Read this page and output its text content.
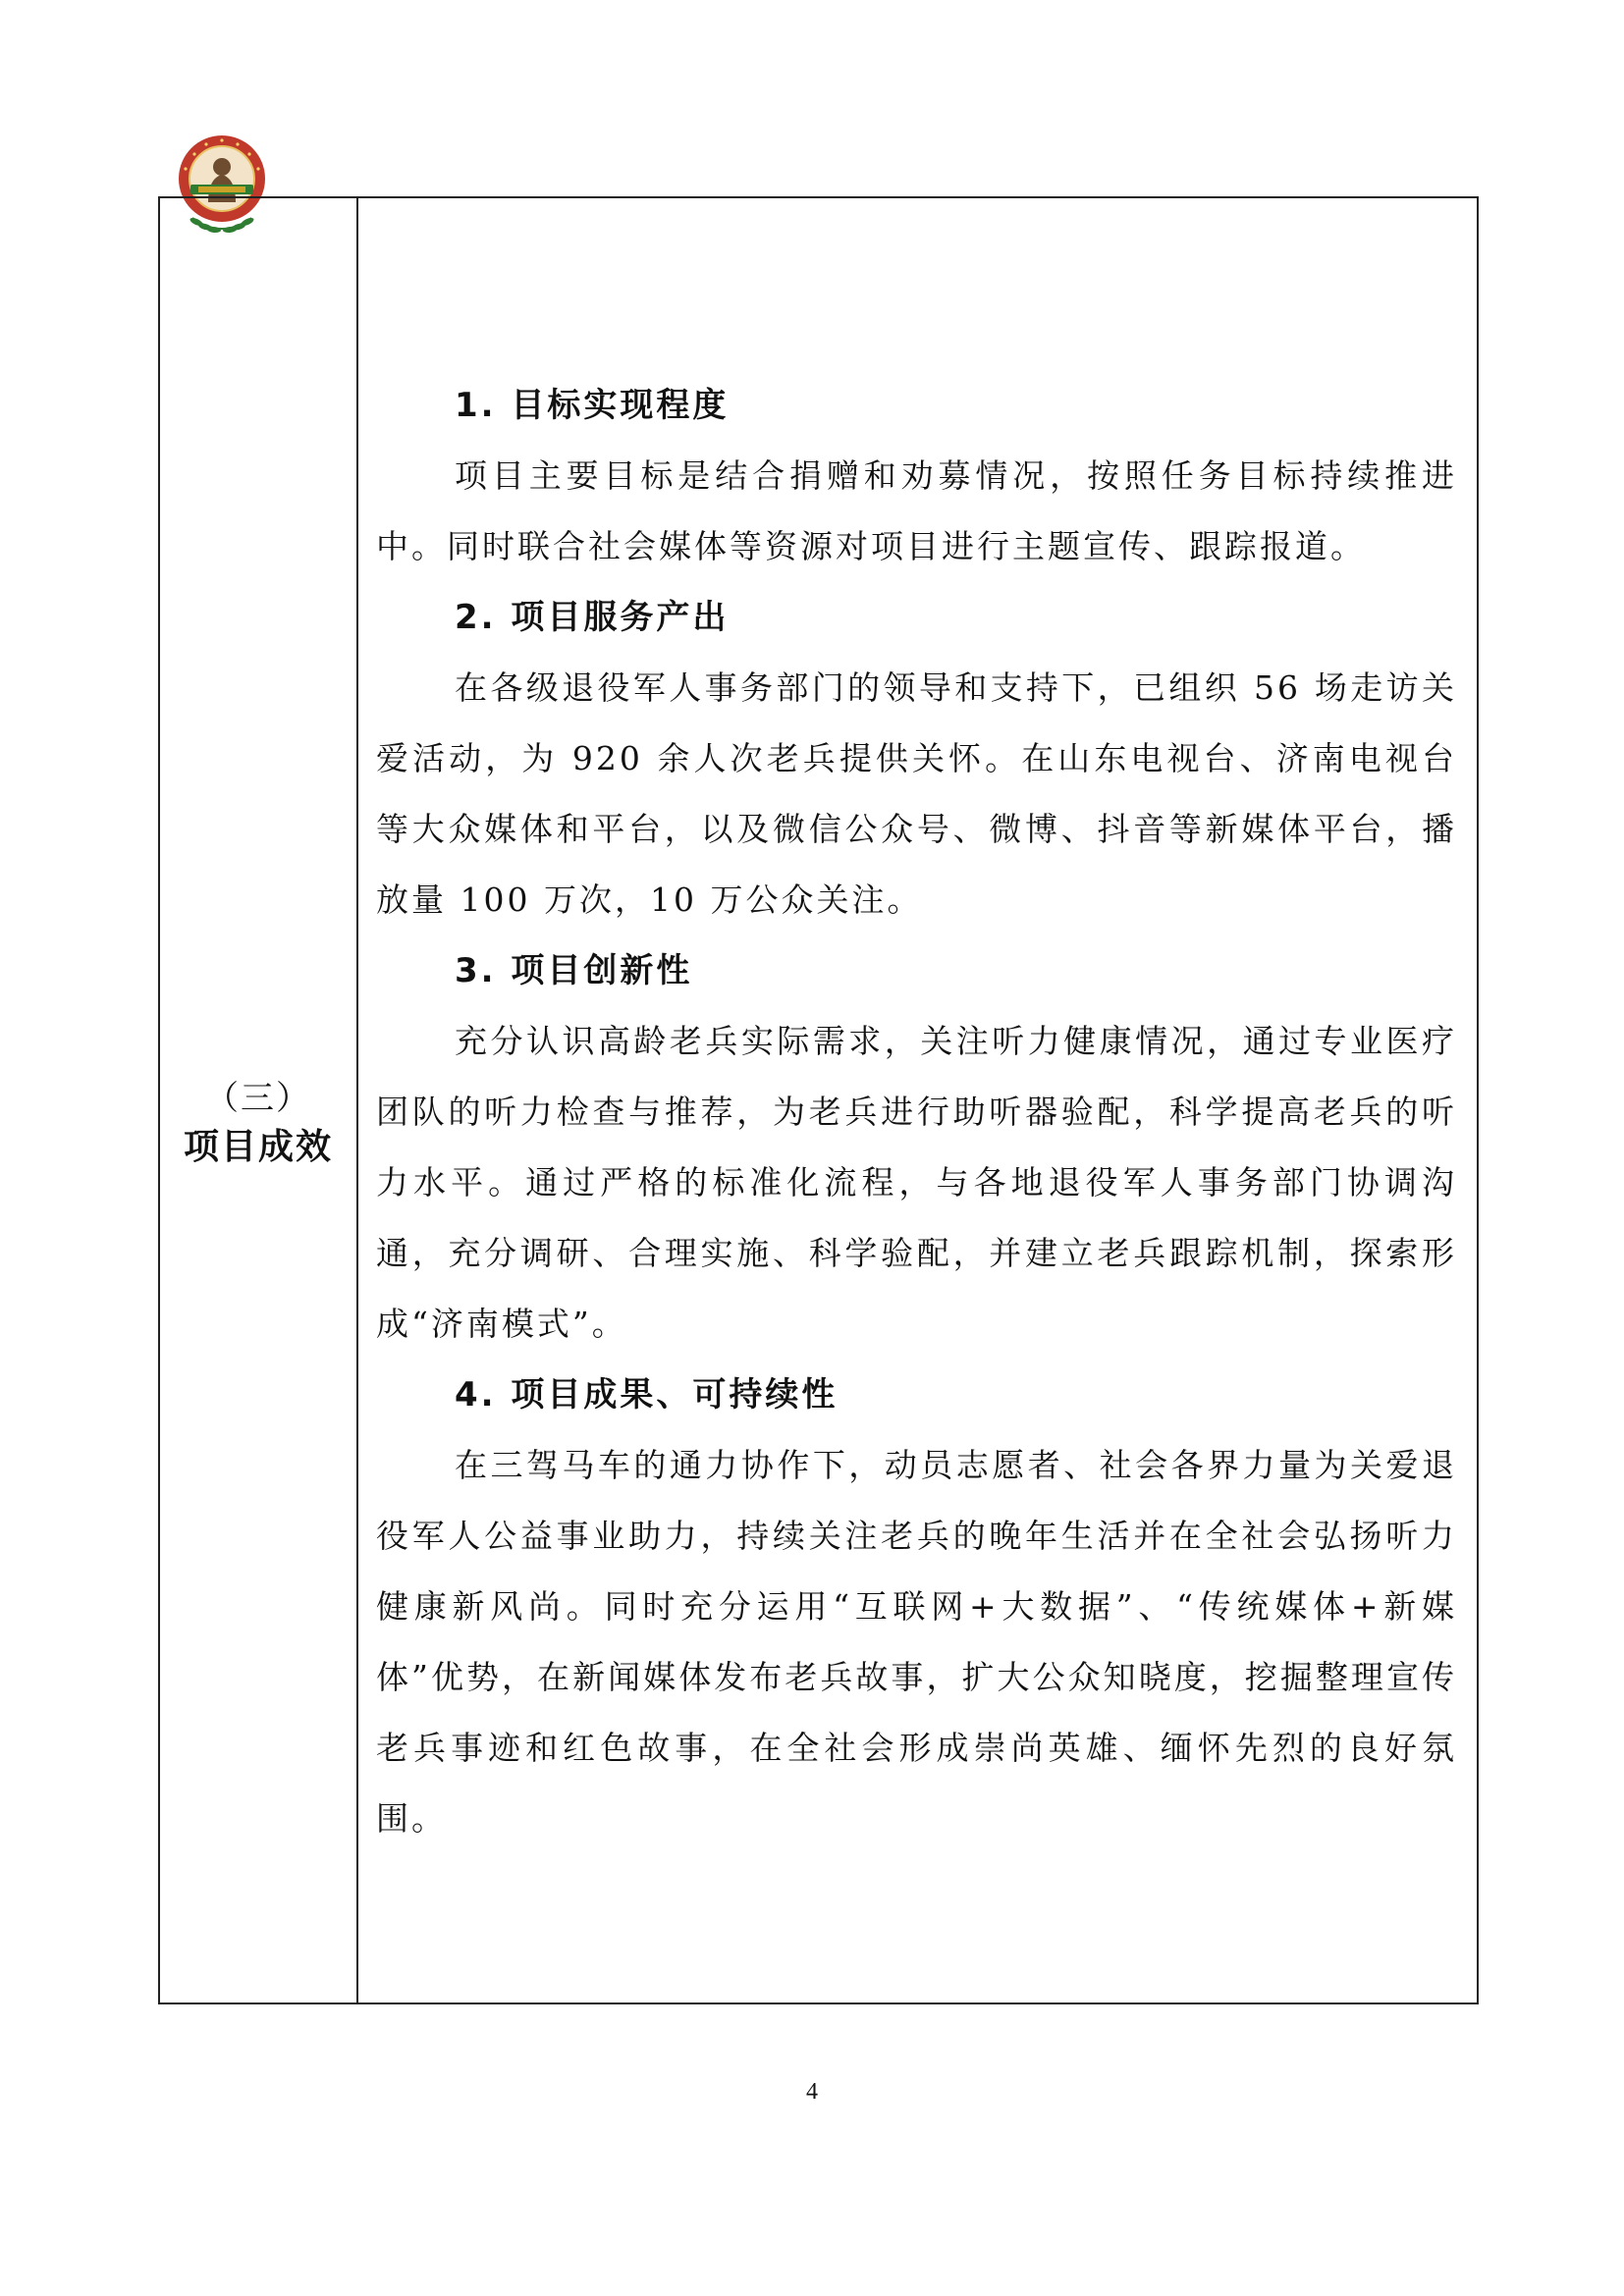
（三）
项目成效

1. 目标实现程度

项目主要目标是结合捐赠和劝募情况，按照任务目标持续推进中。同时联合社会媒体等资源对项目进行主题宣传、跟踪报道。

2. 项目服务产出

在各级退役军人事务部门的领导和支持下，已组织 56 场走访关爱活动，为 920 余人次老兵提供关怀。在山东电视台、济南电视台等大众媒体和平台，以及微信公众号、微博、抖音等新媒体平台，播放量 100 万次，10 万公众关注。

3. 项目创新性

充分认识高龄老兵实际需求，关注听力健康情况，通过专业医疗团队的听力检查与推荐，为老兵进行助听器验配，科学提高老兵的听力水平。通过严格的标准化流程，与各地退役军人事务部门协调沟通，充分调研、合理实施、科学验配，并建立老兵跟踪机制，探索形成“济南模式”。

4. 项目成果、可持续性

在三驾马车的通力协作下，动员志愿者、社会各界力量为关爱退役军人公益事业助力，持续关注老兵的晚年生活并在全社会弘扬听力健康新风尚。同时充分运用“互联网+大数据”、“传统媒体+新媒体”优势，在新闻媒体发布老兵故事，扩大公众知晓度，挖掘整理宣传老兵事迹和红色故事，在全社会形成崇尚英雄、缅怀先烈的良好氛围。

4
